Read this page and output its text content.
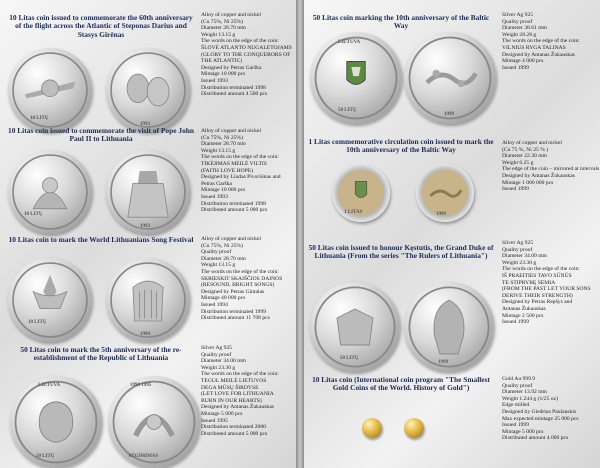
10 Litas coin issued to commemorate the 60th anniversary of the flight across the Atlantic of Steponas Darius and Stasys Girėnas
10 LITŲ
1993
Alloy of copper and nickel
(Cu 75%, Ni 25%)
Diameter 28.70 mm
Weight 13.15 g
The words on the edge of the coin:
ŠLOVĖ ATLANTO NUGALĖTOJAMS
(GLORY TO THE CONQUERORS OF
THE ATLANTIC)
Designed by Petras Garška
Mintage 10 000 pcs
Issued 1993
Distribution terminated 1998
Distributed amount 4 500 pcs
10 Litas coin issued to commemorate the visit of Pope John Paul II to Lithuania
10 LITŲ
1993
Alloy of copper and nickel
(Cu 75%, Ni 25%)
Diameter 28.70 mm
Weight 13.15 g
The words on the edge of the coin:
TIKĖJIMAS MEILĖ VILTIS
(FAITH LOVE HOPE)
Designed by Liudas Pivoriūnas and
Petras Garška
Mintage 10 000 pcs
Issued 1993
Distribution terminated 1998
Distributed amount 5 000 pcs
10 Litas coin to mark the World Lithuanians Song Festival
10 LITŲ
1994
Alloy of copper and nickel
(Cu 75%, Ni 25%)
Quality proof
Diameter 28.70 mm
Weight 13.15 g
The words on the edge of the coin:
SKRIESKIT SKAIŠČIOS DAINOS
(RESOUND, BRIGHT SONGS)
Designed by Petras Gintalas
Mintage 40 000 pcs
Issued 1994
Distribution terminated 1999
Distributed amount 11 708 pcs
50 Litas coin to mark the 5th anniversary of the re-establishment of the Republic of Lithuania
LIETUVA
50 LITŲ
1990 1995
ATGIMIMAS
Silver Ag 925
Quality proof
Diameter 34.00 mm
Weight 23.30 g
The words on the edge of the coin:
TEGUL MEILĖ LIETUVOS
DEGA MŪSŲ ŠIRDYSE
(LET LOVE FOR LITHUANIA
BURN IN OUR HEARTS)
Designed by Antanas Žukauskas
Mintage 5 000 pcs
Issued 1995
Distribution terminated 2000
Distributed amount 5 000 pcs
50 Litas coin marking the 10th anniversary of the Baltic Way
LIETUVA
50 LITŲ
1999
Silver Ag 925
Quality proof
Diameter 38.61 mm
Weight 28.28 g
The words on the edge of the coin:
VILNIUS RYGA TALINAS
Designed by Antanas Žukauskas
Mintage 4 000 pcs
Issued 1999
1 Litas commemorative circulation coin issued to mark the 10th anniversary of the Baltic Way
1 LITAS	1999
Alloy of copper and nickel
(Cu 75 %, Ni 25 % )
Diameter 22.30 mm
Weight 6.25 g
The edge of the coin – mirrored at intervals
Designed by Antanas Žukauskas
Mintage 1 000 000 pcs
Issued 1999
50 Litas coin issued to honour Kęstutis, the Grand Duke of Lithuania (From the series "The Rulers of Lithuania")
50 LITŲ
1999
Silver Ag 925
Quality proof
Diameter 34.00 mm
Weight 23.30 g
The words on the edge of the coin:
IŠ PRAEITIES TAVO SŪNŪS
TE STIPRYBĘ SEMIA
(FROM THE PAST LET YOUR SONS
DERIVE THEIR STRENGTH)
Designed by Petras Repšys and
Antanas Žukauskas
Mintage 2 500 pcs
Issued 1999
10 Litas coin (International coin program "The Smallest Gold Coins of the World. History of Gold")
Gold Au 999.9
Quality proof
Diameter 13.92 mm
Weight 1.244 g (1/25 oz)
Edge milled
Designed by Giedrius Paulauskis
Max expected mintage 25 000 pcs
Issued 1999
Mintage 5 000 pcs
Distributed amount 4 000 pcs
